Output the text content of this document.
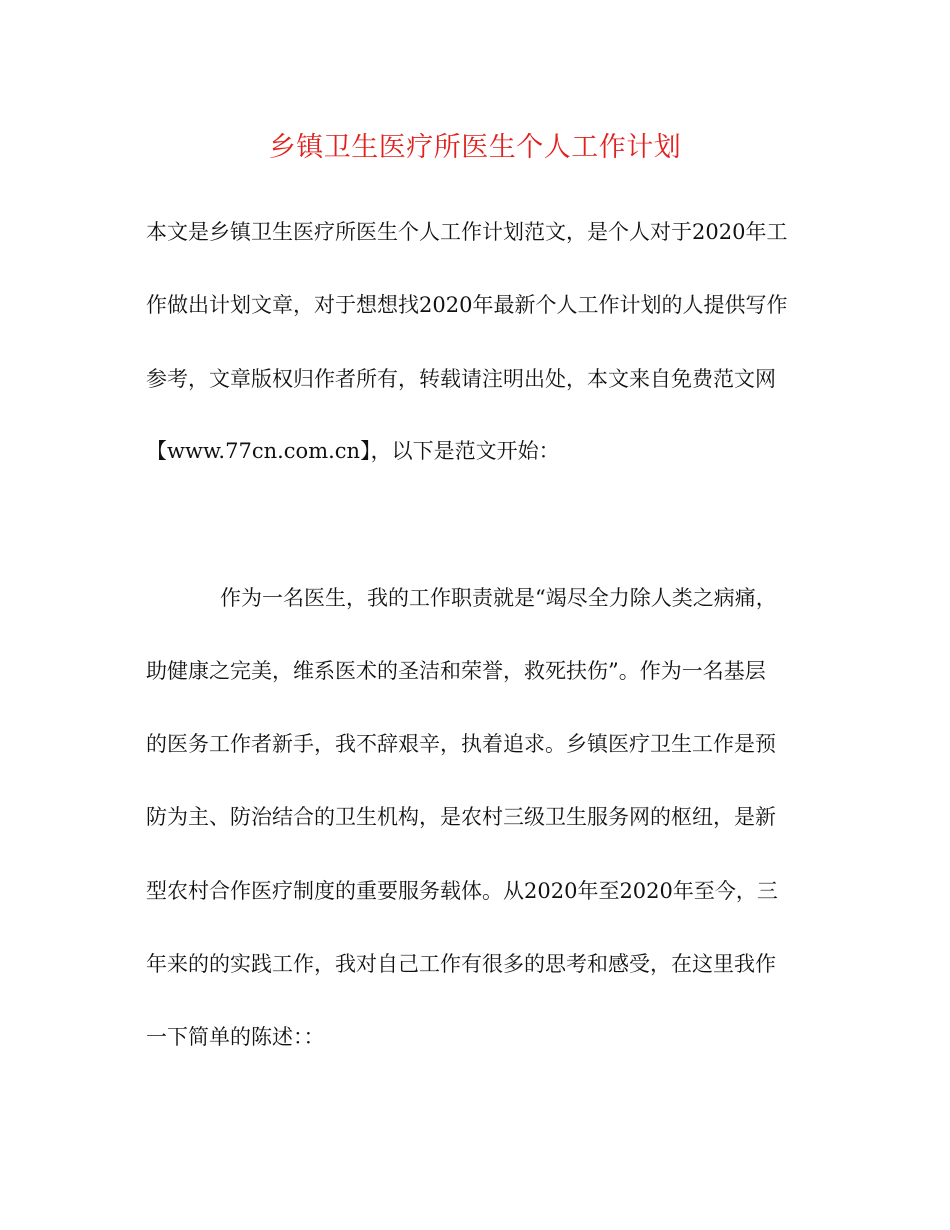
乡镇卫生医疗所医生个人工作计划

本文是乡镇卫生医疗所医生个人工作计划范文，是个人对于2020年工

作做出计划文章，对于想想找2020年最新个人工作计划的人提供写作

参考，文章版权归作者所有，转载请注明出处，本文来自免费范文网

【www.77cn.com.cn】，以下是范文开始：

作为一名医生，我的工作职责就是“竭尽全力除人类之病痛，

助健康之完美，维系医术的圣洁和荣誉，救死扶伤”。作为一名基层

的医务工作者新手，我不辞艰辛，执着追求。乡镇医疗卫生工作是预

防为主、防治结合的卫生机构，是农村三级卫生服务网的枢纽，是新

型农村合作医疗制度的重要服务载体。从2020年至2020年至今，三

年来的的实践工作，我对自己工作有很多的思考和感受，在这里我作

一下简单的陈述：：
